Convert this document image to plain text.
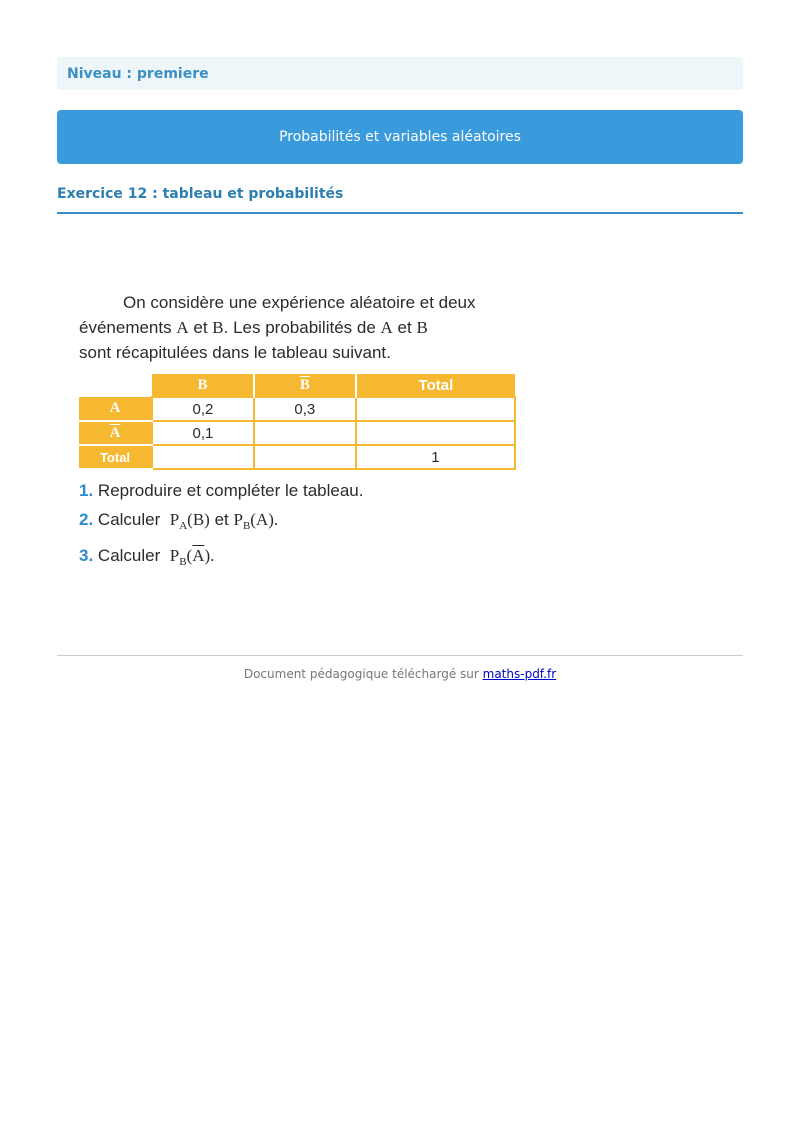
Niveau : premiere
Probabilités et variables aléatoires
Exercice 12 : tableau et probabilités

On considère une expérience aléatoire et deux
événements A et B. Les probabilités de A et B
sont récapitulées dans le tableau suivant.

	B	$\overline{B}$	Total
A	0,2	0,3	
$\overline{A}$	0,1		
Total			1
1. Reproduire et compléter le tableau.
2. Calculer $P_A(B)$ et $P_B(A)$.
3. Calculer $P_B(\overline{A})$.
Document pédagogique téléchargé sur maths-pdf.fr
